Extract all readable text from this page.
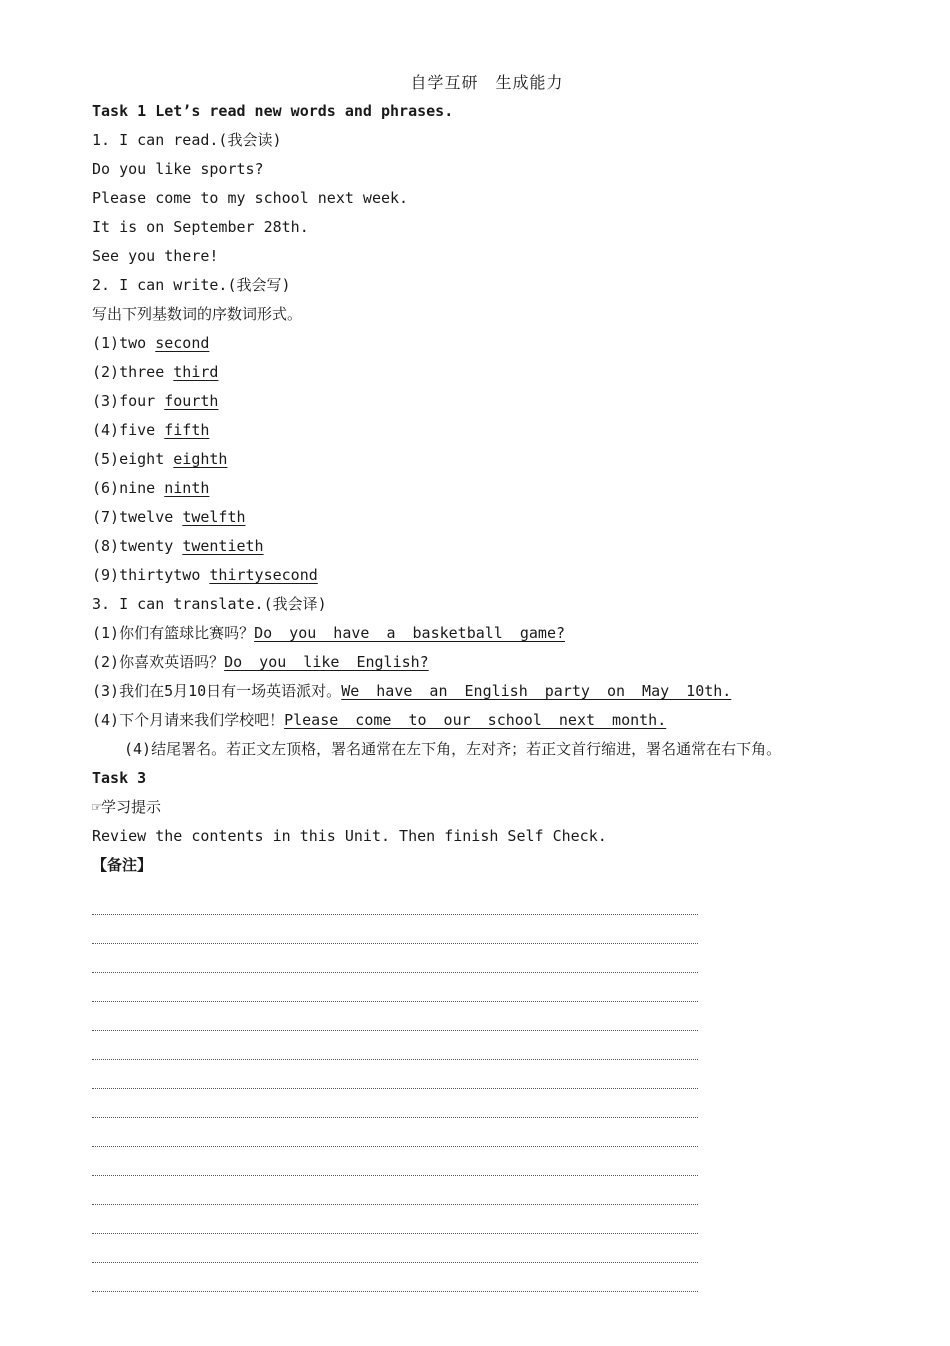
自学互研　生成能力
Task 1 Let’s read new words and phrases.
1. I can read.(我会读)
Do you like sports?
Please come to my school next week.
It is on September 28th.
See you there!
2. I can write.(我会写)
写出下列基数词的序数词形式。
(1)two second
(2)three third
(3)four fourth
(4)five fifth
(5)eight eighth
(6)nine ninth
(7)twelve twelfth
(8)twenty twentieth
(9)thirtytwo thirtysecond
3. I can translate.(我会译)
(1)你们有篮球比赛吗？Do you have a basketball game?
(2)你喜欢英语吗？Do you like English?
(3)我们在5月10日有一场英语派对。We have an English party on May 10th.
(4)下个月请来我们学校吧！Please come to our school next month.
(4)结尾署名。若正文左顶格，署名通常在左下角，左对齐；若正文首行缩进，署名通常在右下角。
Task 3
☞学习提示
Review the contents in this Unit. Then finish Self Check.
【备注】
